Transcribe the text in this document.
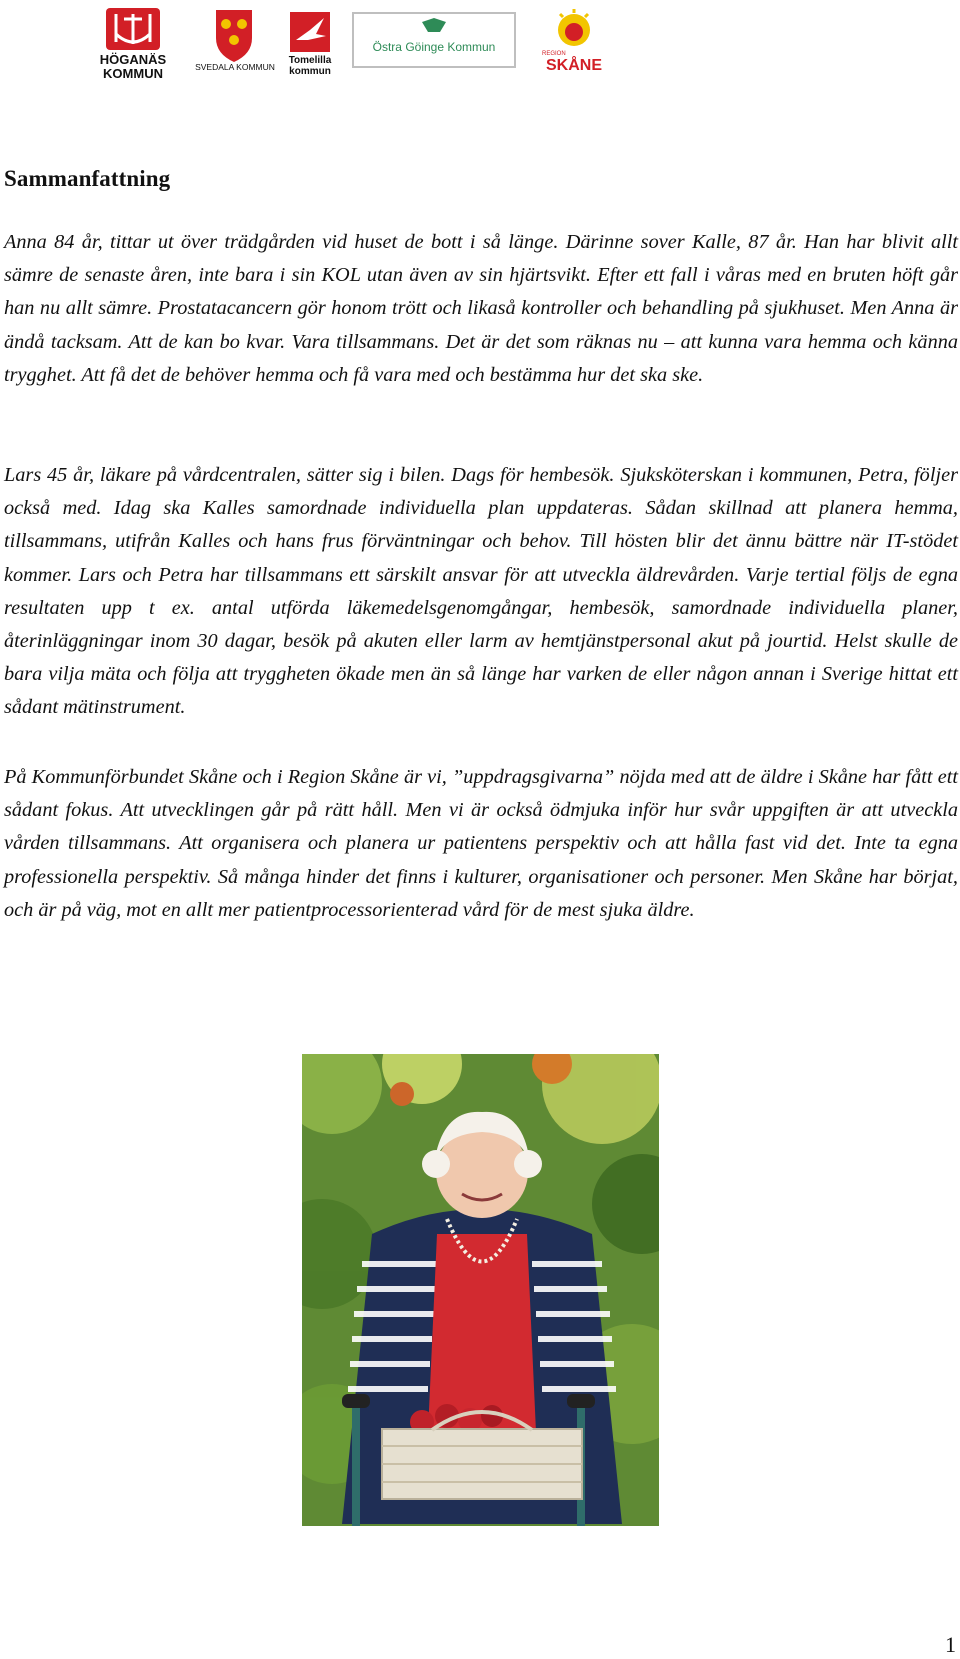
HÖGANÄS
KOMMUN	SVEDALA KOMMUN
Tomelilla
kommun
Östra Göinge Kommun	REGION
SKÅNE
Sammanfattning

Anna 84 år, tittar ut över trädgården vid huset de bott i så länge. Därinne sover Kalle, 87 år. Han har blivit allt sämre de senaste åren, inte bara i sin KOL utan även av sin hjärtsvikt. Efter ett fall i våras med en bruten höft går han nu allt sämre. Prostatacancern gör honom trött och likaså kontroller och behandling på sjukhuset. Men Anna är ändå tacksam. Att de kan bo kvar. Vara tillsammans. Det är det som räknas nu – att kunna vara hemma och känna trygghet. Att få det de behöver hemma och få vara med och bestämma hur det ska ske.

Lars 45 år, läkare på vårdcentralen, sätter sig i bilen. Dags för hembesök. Sjuksköterskan i kommunen, Petra, följer också med. Idag ska Kalles samordnade individuella plan uppdateras. Sådan skillnad att planera hemma, tillsammans, utifrån Kalles och hans frus förväntningar och behov. Till hösten blir det ännu bättre när IT-stödet kommer. Lars och Petra har tillsammans ett särskilt ansvar för att utveckla äldrevården. Varje tertial följs de egna resultaten upp t ex. antal utförda läkemedelsgenomgångar, hembesök, samordnade individuella planer, återinläggningar inom 30 dagar, besök på akuten eller larm av hemtjänstpersonal akut på jourtid. Helst skulle de bara vilja mäta och följa att tryggheten ökade men än så länge har varken de eller någon annan i Sverige hittat ett sådant mätinstrument.

På Kommunförbundet Skåne och i Region Skåne är vi, ”uppdragsgivarna” nöjda med att de äldre i Skåne har fått ett sådant fokus. Att utvecklingen går på rätt håll. Men vi är också ödmjuka inför hur svår uppgiften är att utveckla vården tillsammans. Att organisera och planera ur patientens perspektiv och att hålla fast vid det. Inte ta egna professionella perspektiv. Så många hinder det finns i kulturer, organisationer och personer. Men Skåne har börjat, och är på väg, mot en allt mer patientprocessorienterad vård för de mest sjuka äldre.

1
